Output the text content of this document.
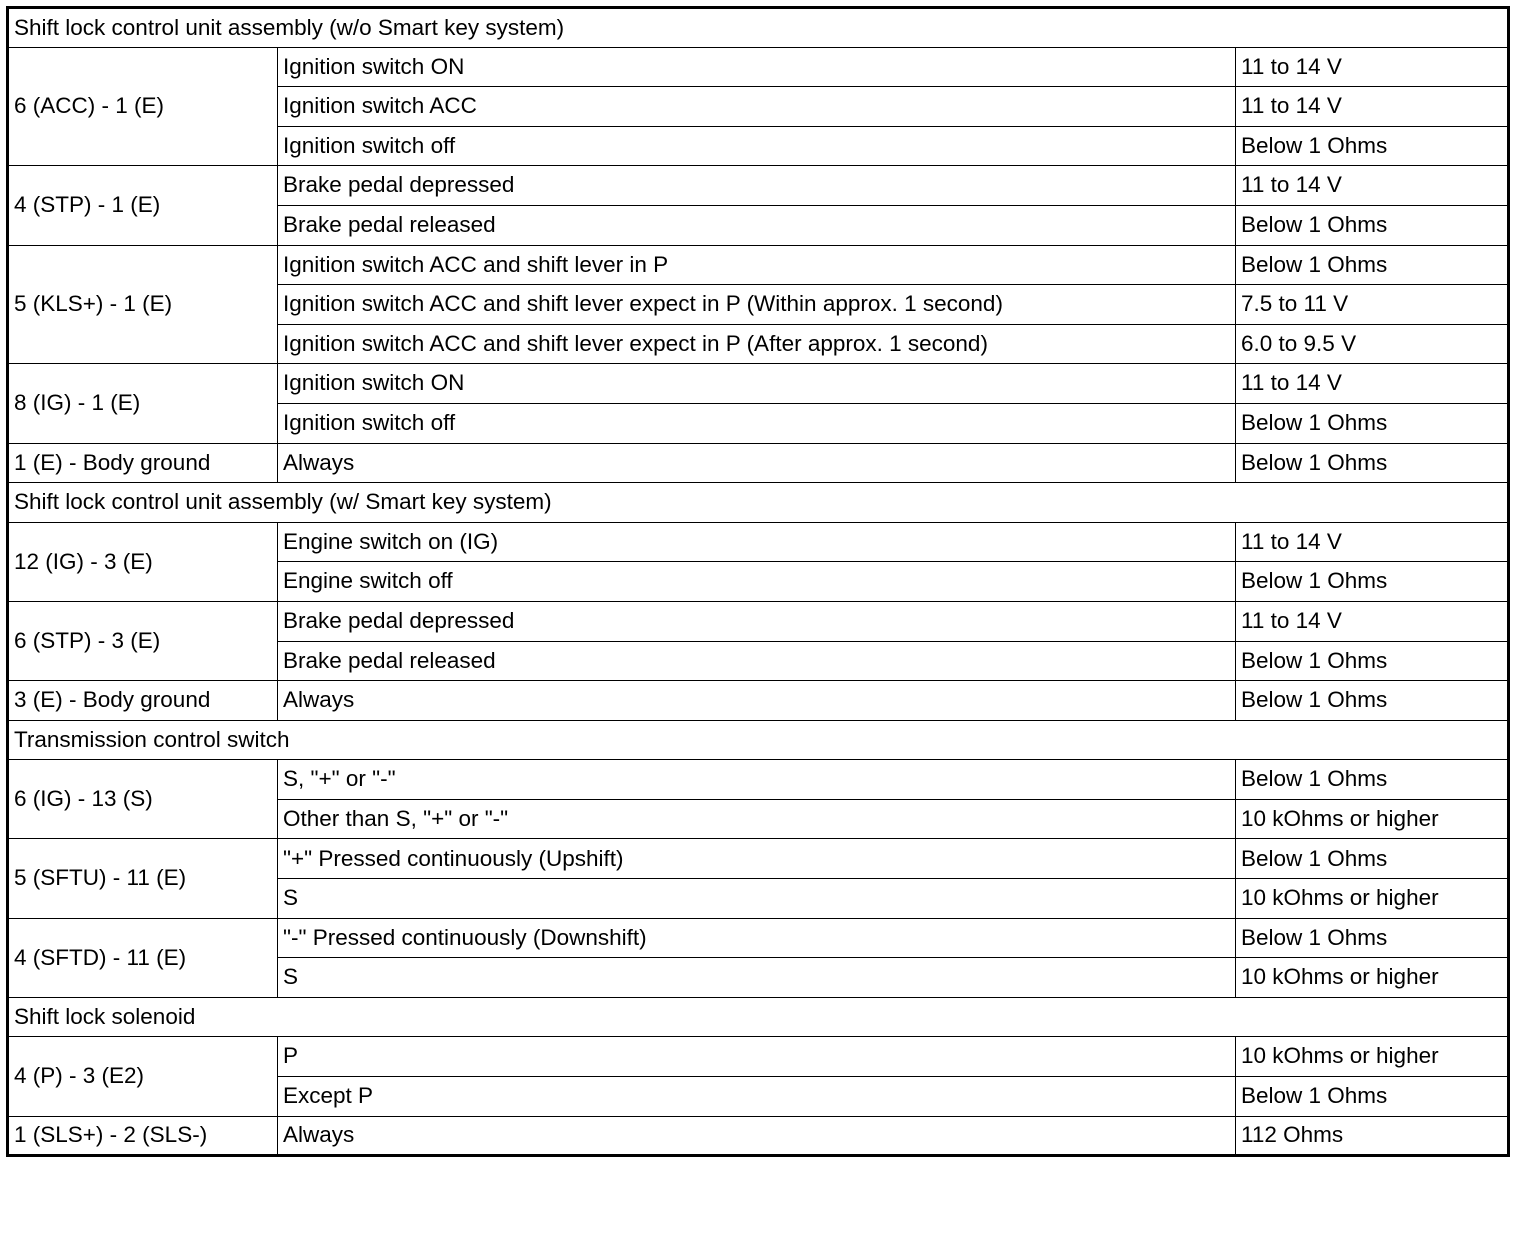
Shift lock control unit assembly (w/o Smart key system)		
6 (ACC) - 1 (E)	Ignition switch ON	11 to 14 V
	Ignition switch ACC	11 to 14 V
	Ignition switch off	Below 1 Ohms
4 (STP) - 1 (E)	Brake pedal depressed	11 to 14 V
	Brake pedal released	Below 1 Ohms
5 (KLS+) - 1 (E)	Ignition switch ACC and shift lever in P	Below 1 Ohms
	Ignition switch ACC and shift lever expect in P (Within approx. 1 second)	7.5 to 11 V
	Ignition switch ACC and shift lever expect in P (After approx. 1 second)	6.0 to 9.5 V
8 (IG) - 1 (E)	Ignition switch ON	11 to 14 V
	Ignition switch off	Below 1 Ohms
1 (E) - Body ground	Always	Below 1 Ohms
Shift lock control unit assembly (w/ Smart key system)		
12 (IG) - 3 (E)	Engine switch on (IG)	11 to 14 V
	Engine switch off	Below 1 Ohms
6 (STP) - 3 (E)	Brake pedal depressed	11 to 14 V
	Brake pedal released	Below 1 Ohms
3 (E) - Body ground	Always	Below 1 Ohms
Transmission control switch		
6 (IG) - 13 (S)	S, "+" or "-"	Below 1 Ohms
	Other than S, "+" or "-"	10 kOhms or higher
5 (SFTU) - 11 (E)	"+" Pressed continuously (Upshift)	Below 1 Ohms
	S	10 kOhms or higher
4 (SFTD) - 11 (E)	"-" Pressed continuously (Downshift)	Below 1 Ohms
	S	10 kOhms or higher
Shift lock solenoid		
4 (P) - 3 (E2)	P	10 kOhms or higher
	Except P	Below 1 Ohms
1 (SLS+) - 2 (SLS-)	Always	112 Ohms
